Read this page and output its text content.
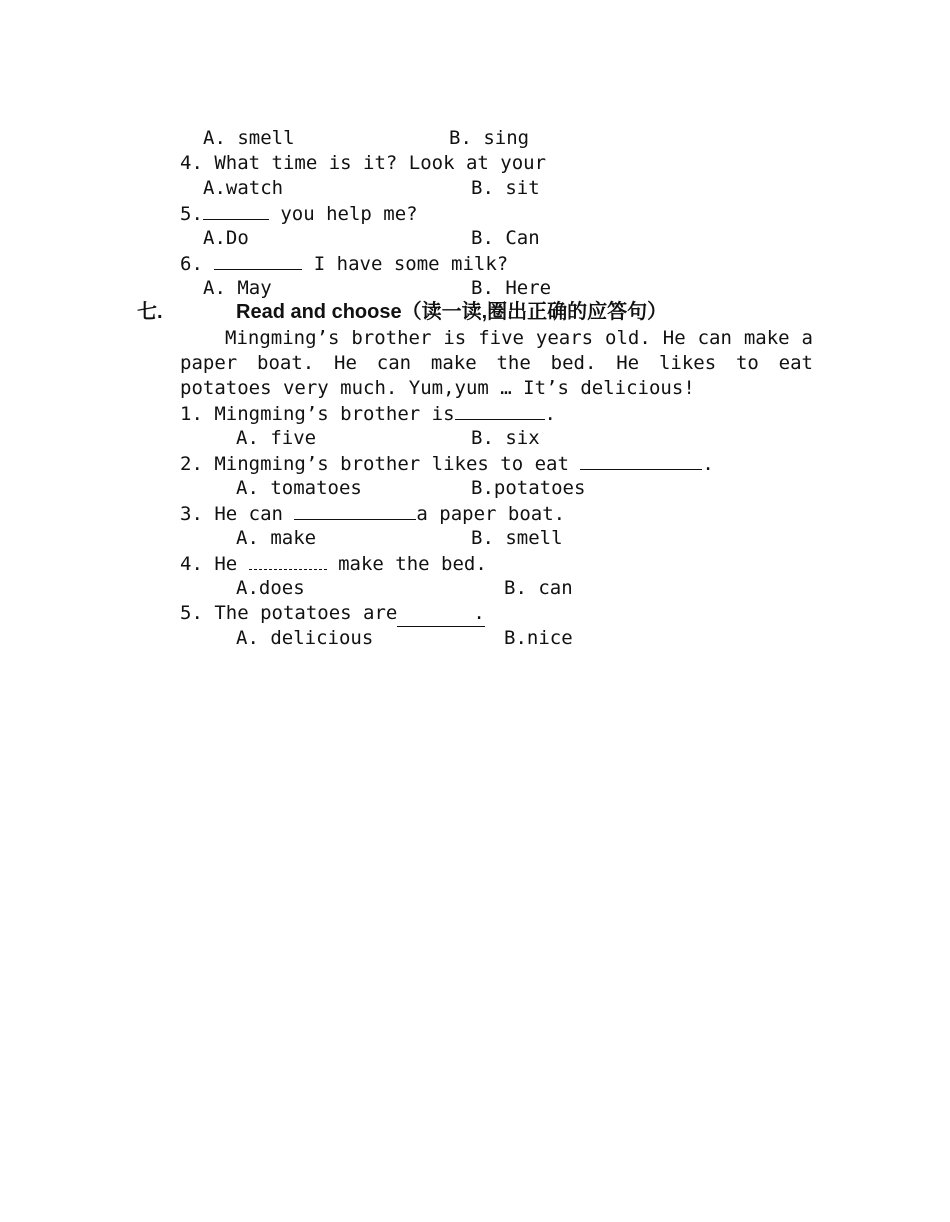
A. smell	B. sing
4. What time is it? Look at your
A.watch	B. sit
5.	you help me?
A.Do	B. Can
6.	I have some milk?
A. May	B. Here
七.	Read and choose（读一读,圈出正确的应答句）
Mingming’s brother is five years old. He can make a
paper boat. He can make the bed. He likes to eat
potatoes very much. Yum,yum … It’s delicious!
1. Mingming’s brother is	.
A. five	B. six
2. Mingming’s brother likes to eat	.
A. tomatoes	B.potatoes
3. He can	a paper boat.
A. make	B. smell
4. He	make the bed.
A.does	B. can
5. The potatoes are	.
A. delicious	B.nice
